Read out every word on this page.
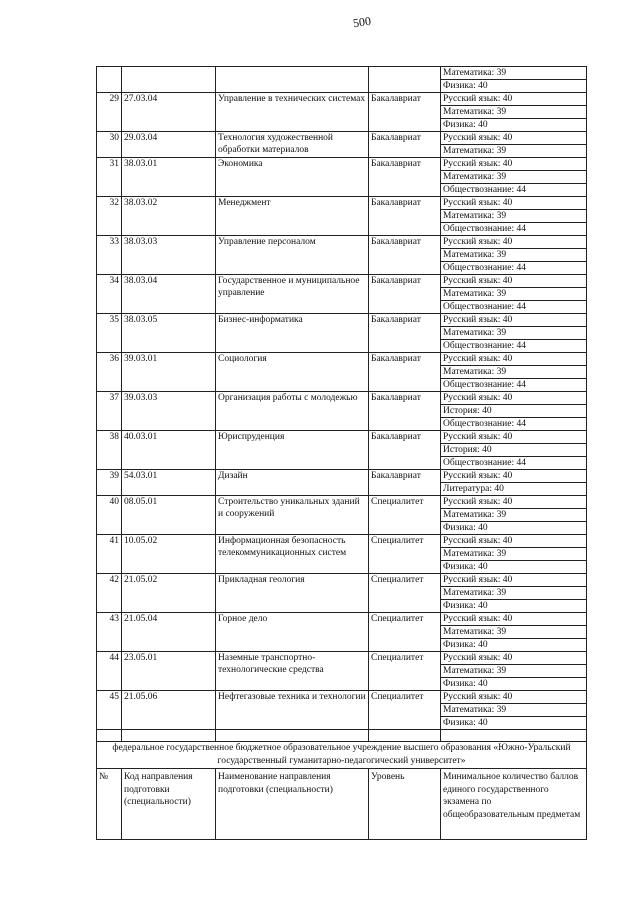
500
				Математика: 39
				Физика: 40
29	27.03.04	Управление в технических системах	Бакалавриат	Русский язык: 40
				Математика: 39
				Физика: 40
30	29.03.04	Технология художественной обработки материалов	Бакалавриат	Русский язык: 40
				Математика: 39
31	38.03.01	Экономика	Бакалавриат	Русский язык: 40
				Математика: 39
				Обществознание: 44
32	38.03.02	Менеджмент	Бакалавриат	Русский язык: 40
				Математика: 39
				Обществознание: 44
33	38.03.03	Управление персоналом	Бакалавриат	Русский язык: 40
				Математика: 39
				Обществознание: 44
34	38.03.04	Государственное и муниципальное управление	Бакалавриат	Русский язык: 40
				Математика: 39
				Обществознание: 44
35	38.03.05	Бизнес-информатика	Бакалавриат	Русский язык: 40
				Математика: 39
				Обществознание: 44
36	39.03.01	Социология	Бакалавриат	Русский язык: 40
				Математика: 39
				Обществознание: 44
37	39.03.03	Организация работы с молодежью	Бакалавриат	Русский язык: 40
				История: 40
				Обществознание: 44
38	40.03.01	Юриспруденция	Бакалавриат	Русский язык: 40
				История: 40
				Обществознание: 44
39	54.03.01	Дизайн	Бакалавриат	Русский язык: 40
				Литература: 40
40	08.05.01	Строительство уникальных зданий и сооружений	Специалитет	Русский язык: 40
				Математика: 39
				Физика: 40
41	10.05.02	Информационная безопасность телекоммуникационных систем	Специалитет	Русский язык: 40
				Математика: 39
				Физика: 40
42	21.05.02	Прикладная геология	Специалитет	Русский язык: 40
				Математика: 39
				Физика: 40
43	21.05.04	Горное дело	Специалитет	Русский язык: 40
				Математика: 39
				Физика: 40
44	23.05.01	Наземные транспортно-технологические средства	Специалитет	Русский язык: 40
				Математика: 39
				Физика: 40
45	21.05.06	Нефтегазовые техника и технологии	Специалитет	Русский язык: 40
				Математика: 39
				Физика: 40

федеральное государственное бюджетное образовательное учреждение высшего образования «Южно-Уральский государственный гуманитарно-педагогический университет»				
№	Код направления подготовки (специальности)	Наименование направления подготовки (специальности)	Уровень	Минимальное количество баллов единого государственного экзамена по общеобразовательным предметам
